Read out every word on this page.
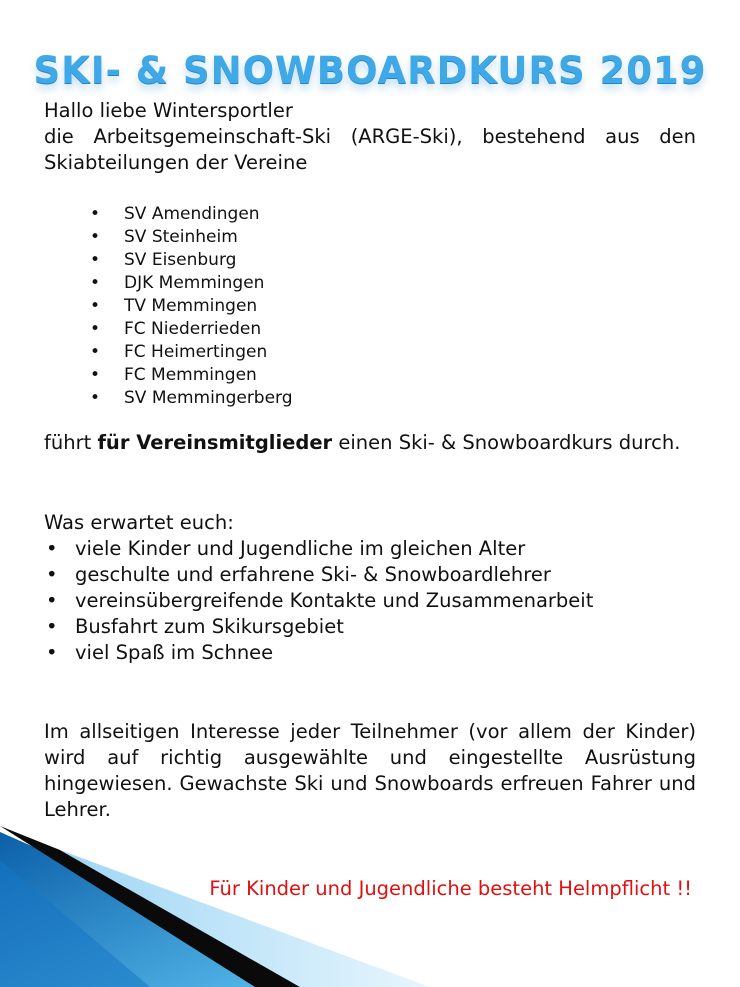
SKI- & SNOWBOARDKURS 2019

Hallo liebe Wintersportler

die Arbeitsgemeinschaft-Ski (ARGE-Ski), bestehend aus den Skiabteilungen der Vereine

• SV Amendingen
• SV Steinheim
• SV Eisenburg
• DJK Memmingen
• TV Memmingen
• FC Niederrieden
• FC Heimertingen
• FC Memmingen
• SV Memmingerberg
führt für Vereinsmitglieder einen Ski- & Snowboardkurs durch.

Was erwartet euch:

• viele Kinder und Jugendliche im gleichen Alter
• geschulte und erfahrene Ski- & Snowboardlehrer
• vereinsübergreifende Kontakte und Zusammenarbeit
• Busfahrt zum Skikursgebiet
• viel Spaß im Schnee
Im allseitigen Interesse jeder Teilnehmer (vor allem der Kinder) wird auf richtig ausgewählte und eingestellte Ausrüstung hingewiesen. Gewachste Ski und Snowboards erfreuen Fahrer und Lehrer.
Für Kinder und Jugendliche besteht Helmpflicht !!
